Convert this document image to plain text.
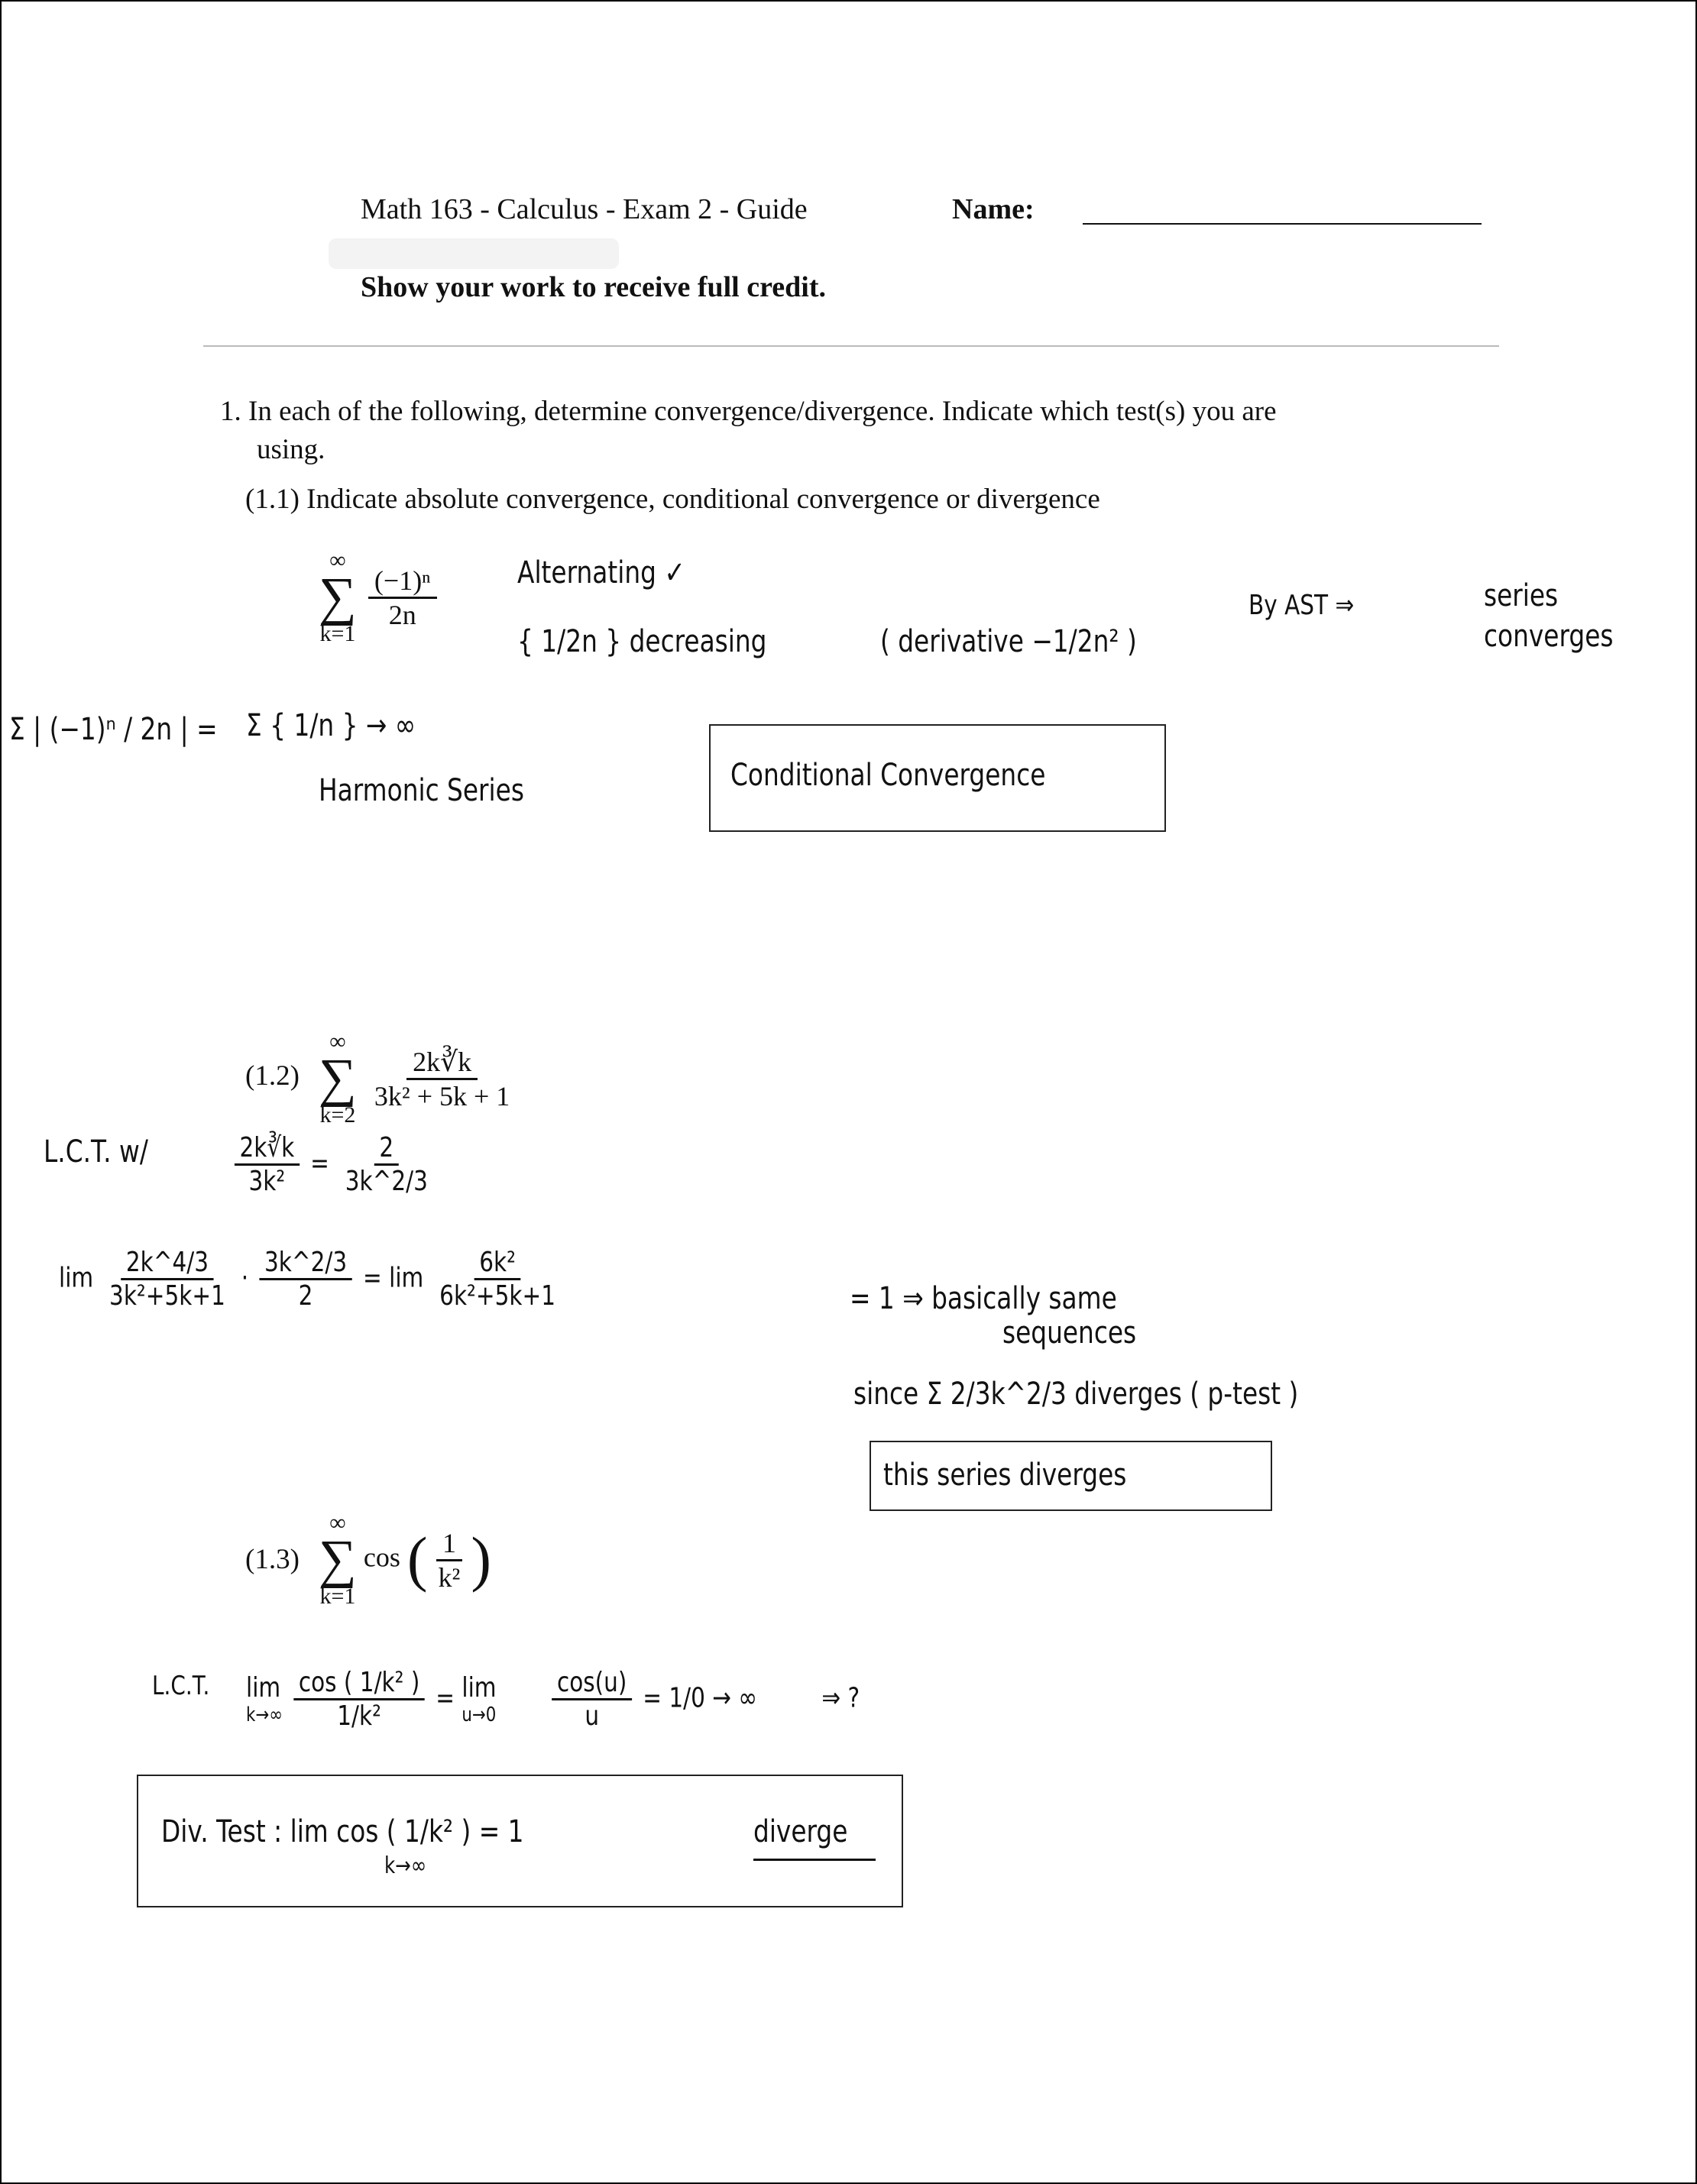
Math 163 - Calculus - Exam 2 - Guide	Name:
Show your work to receive full credit.
1. In each of the following, determine convergence/divergence. Indicate which test(s) you are
using.
(1.1) Indicate absolute convergence, conditional convergence or divergence
∞
∑
k=1

$\frac{\text{(−1)ⁿ}}{2n}$	Alternating ✓
{ 1/2n } decreasing	( derivative −1/2n² )
By AST ⇒	series
converges
Σ | (−1)ⁿ / 2n | = Σ { 1/n } → ∞
Harmonic Series	Conditional Convergence
(1.2)
∞
∑
k=2

$\frac{2k∛k}{\text{3k² + 5k + 1}}$
L.C.T. w/	$\frac{2k∛k}{\text{3k²}} = \frac{2}{3k\^{}2/3}$
$\lim \frac{2k\^{}4/3}{\text{3k²+5k+1}} \cdot \frac{3k\^{}2/3}{2} = \lim \frac{\text{6k²}}{\text{6k²+5k+1}}$	= 1 ⇒ basically same
sequences
since Σ 2/3k^2/3 diverges ( p-test )
this series diverges
(1.3)
∞
∑
k=1
cos ( $\frac{1}{\text{k²}}$ )
L.C.T. lim
k→∞
$\frac{\text{cos ( 1/k² )}}{\text{1/k²}} = \lim$
u→0
$\frac{\cos(u)}{u} = 1/0$ → ∞ ⇒ ?
Div. Test : lim cos ( 1/k² ) = 1
k→∞
diverge
